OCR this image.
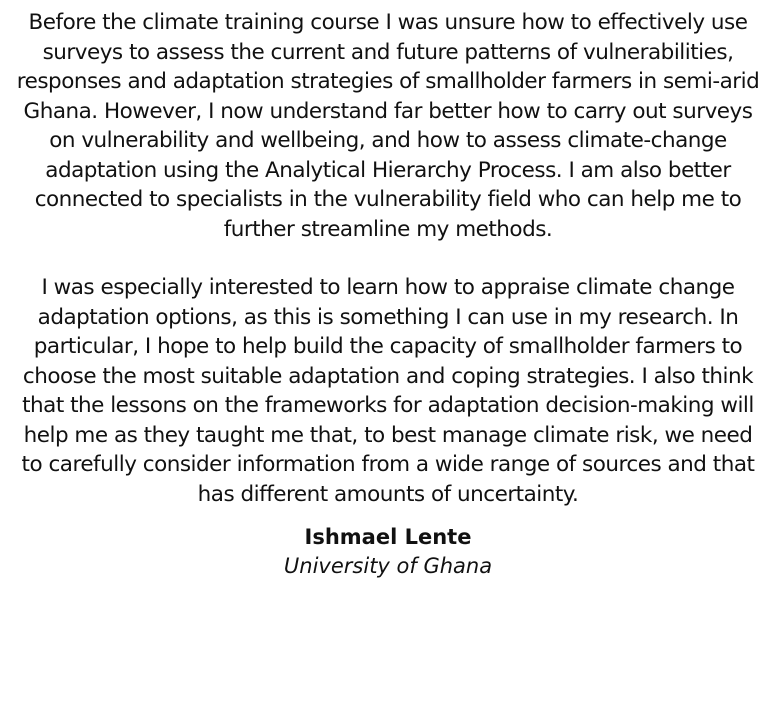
Before the climate training course I was unsure how to effectively use surveys to assess the current and future patterns of vulnerabilities, responses and adaptation strategies of smallholder farmers in semi-arid Ghana. However, I now understand far better how to carry out surveys on vulnerability and wellbeing, and how to assess climate-change adaptation using the Analytical Hierarchy Process. I am also better connected to specialists in the vulnerability field who can help me to further streamline my methods.

I was especially interested to learn how to appraise climate change adaptation options, as this is something I can use in my research. In particular, I hope to help build the capacity of smallholder farmers to choose the most suitable adaptation and coping strategies. I also think that the lessons on the frameworks for adaptation decision-making will help me as they taught me that, to best manage climate risk, we need to carefully consider information from a wide range of sources and that has different amounts of uncertainty.

Ishmael Lente

University of Ghana
